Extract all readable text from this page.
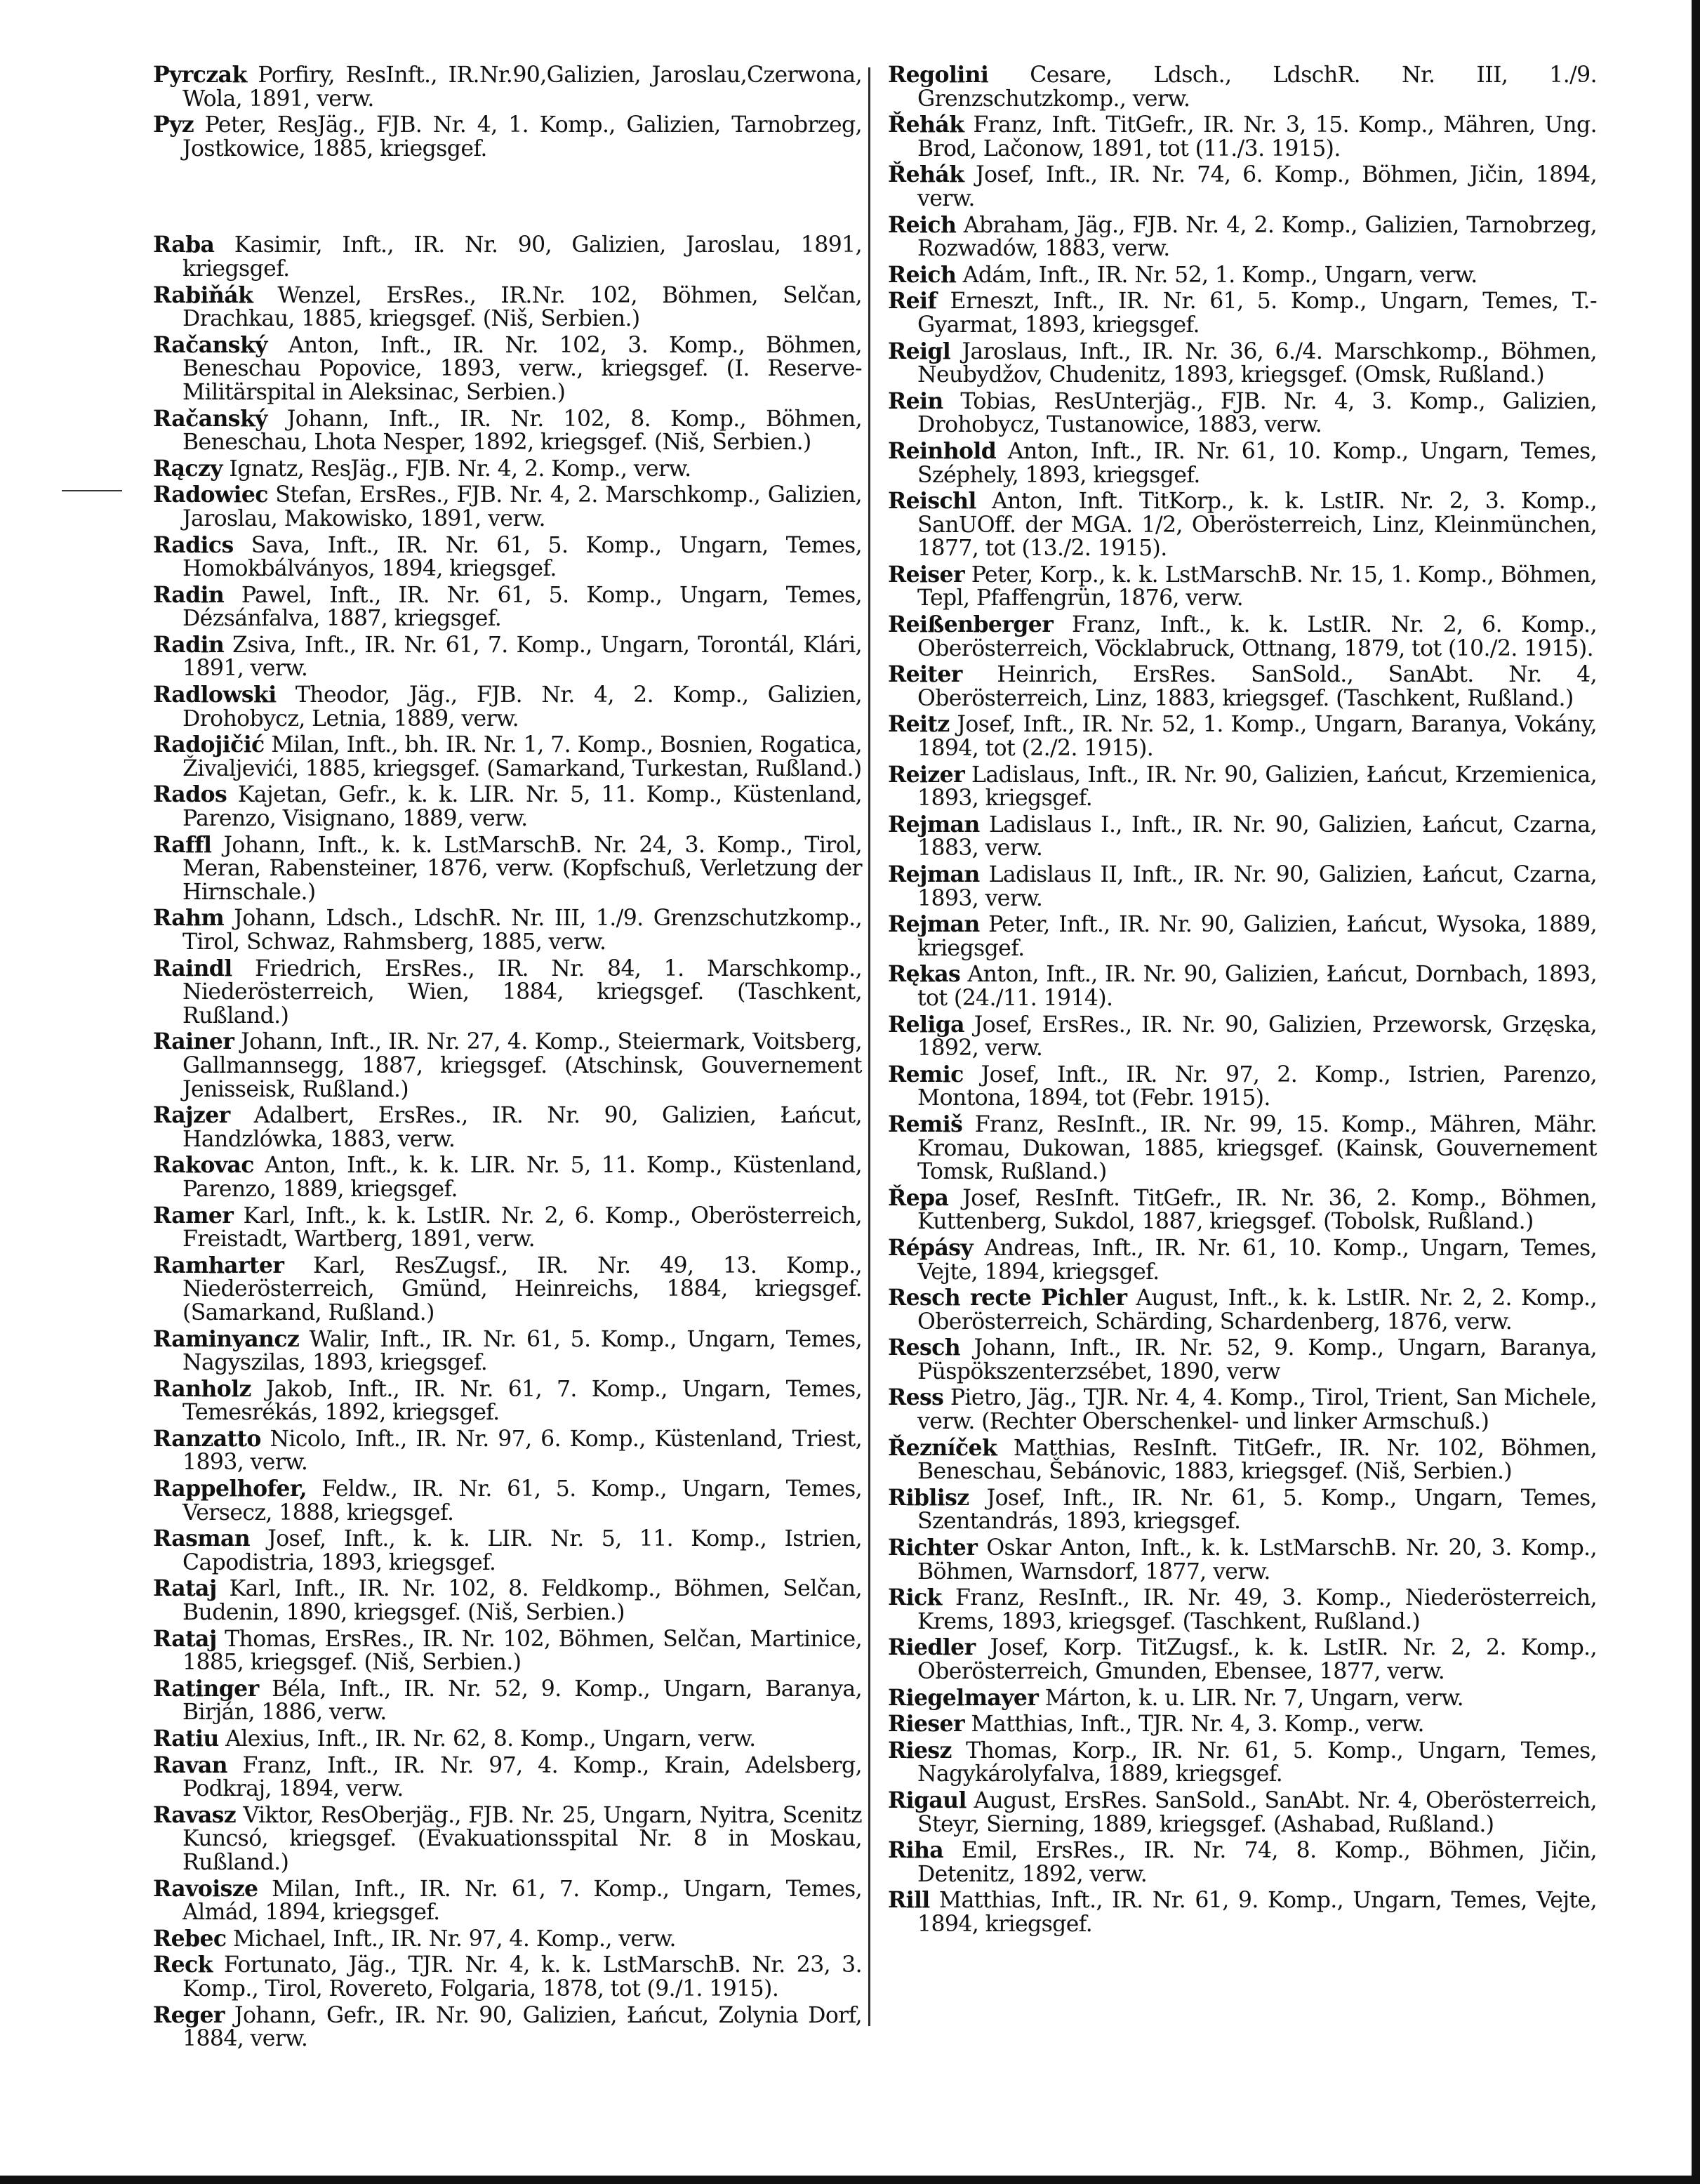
Pyrczak Porfiry, ResInft., IR.Nr.90,Galizien, Jaroslau,Czerwona, Wola, 1891, verw.

Pyz Peter, ResJäg., FJB. Nr. 4, 1. Komp., Galizien, Tarnobrzeg, Jostkowice, 1885, kriegsgef.

Raba Kasimir, Inft., IR. Nr. 90, Galizien, Jaroslau, 1891, kriegsgef.

Rabiňák Wenzel, ErsRes., IR.Nr. 102, Böhmen, Selčan, Drachkau, 1885, kriegsgef. (Niš, Serbien.)

Račanský Anton, Inft., IR. Nr. 102, 3. Komp., Böhmen, Beneschau Popovice, 1893, verw., kriegsgef. (I. Reserve-Militärspital in Aleksinac, Serbien.)

Račanský Johann, Inft., IR. Nr. 102, 8. Komp., Böhmen, Beneschau, Lhota Nesper, 1892, kriegsgef. (Niš, Serbien.)

Rączy Ignatz, ResJäg., FJB. Nr. 4, 2. Komp., verw.

Radowiec Stefan, ErsRes., FJB. Nr. 4, 2. Marschkomp., Galizien, Jaroslau, Makowisko, 1891, verw.

Radics Sava, Inft., IR. Nr. 61, 5. Komp., Ungarn, Temes, Homokbálványos, 1894, kriegsgef.

Radin Pawel, Inft., IR. Nr. 61, 5. Komp., Ungarn, Temes, Dézsánfalva, 1887, kriegsgef.

Radin Zsiva, Inft., IR. Nr. 61, 7. Komp., Ungarn, Torontál, Klári, 1891, verw.

Radlowski Theodor, Jäg., FJB. Nr. 4, 2. Komp., Galizien, Drohobycz, Letnia, 1889, verw.

Radojičić Milan, Inft., bh. IR. Nr. 1, 7. Komp., Bosnien, Rogatica, Živaljevići, 1885, kriegsgef. (Samarkand, Turkestan, Rußland.)

Rados Kajetan, Gefr., k. k. LIR. Nr. 5, 11. Komp., Küstenland, Parenzo, Visignano, 1889, verw.

Raffl Johann, Inft., k. k. LstMarschB. Nr. 24, 3. Komp., Tirol, Meran, Rabensteiner, 1876, verw. (Kopfschuß, Verletzung der Hirnschale.)

Rahm Johann, Ldsch., LdschR. Nr. III, 1./9. Grenzschutzkomp., Tirol, Schwaz, Rahmsberg, 1885, verw.

Raindl Friedrich, ErsRes., IR. Nr. 84, 1. Marschkomp., Niederösterreich, Wien, 1884, kriegsgef. (Taschkent, Rußland.)

Rainer Johann, Inft., IR. Nr. 27, 4. Komp., Steiermark, Voitsberg, Gallmannsegg, 1887, kriegsgef. (Atschinsk, Gouvernement Jenisseisk, Rußland.)

Rajzer Adalbert, ErsRes., IR. Nr. 90, Galizien, Łańcut, Handzlówka, 1883, verw.

Rakovac Anton, Inft., k. k. LIR. Nr. 5, 11. Komp., Küstenland, Parenzo, 1889, kriegsgef.

Ramer Karl, Inft., k. k. LstIR. Nr. 2, 6. Komp., Oberösterreich, Freistadt, Wartberg, 1891, verw.

Ramharter Karl, ResZugsf., IR. Nr. 49, 13. Komp., Niederösterreich, Gmünd, Heinreichs, 1884, kriegsgef. (Samarkand, Rußland.)

Raminyancz Walir, Inft., IR. Nr. 61, 5. Komp., Ungarn, Temes, Nagyszilas, 1893, kriegsgef.

Ranholz Jakob, Inft., IR. Nr. 61, 7. Komp., Ungarn, Temes, Temesrékás, 1892, kriegsgef.

Ranzatto Nicolo, Inft., IR. Nr. 97, 6. Komp., Küstenland, Triest, 1893, verw.

Rappelhofer, Feldw., IR. Nr. 61, 5. Komp., Ungarn, Temes, Versecz, 1888, kriegsgef.

Rasman Josef, Inft., k. k. LIR. Nr. 5, 11. Komp., Istrien, Capodistria, 1893, kriegsgef.

Rataj Karl, Inft., IR. Nr. 102, 8. Feldkomp., Böhmen, Selčan, Budenin, 1890, kriegsgef. (Niš, Serbien.)

Rataj Thomas, ErsRes., IR. Nr. 102, Böhmen, Selčan, Martinice, 1885, kriegsgef. (Niš, Serbien.)

Ratinger Béla, Inft., IR. Nr. 52, 9. Komp., Ungarn, Baranya, Birján, 1886, verw.

Ratiu Alexius, Inft., IR. Nr. 62, 8. Komp., Ungarn, verw.

Ravan Franz, Inft., IR. Nr. 97, 4. Komp., Krain, Adelsberg, Podkraj, 1894, verw.

Ravasz Viktor, ResOberjäg., FJB. Nr. 25, Ungarn, Nyitra, Scenitz Kuncsó, kriegsgef. (Evakuationsspital Nr. 8 in Moskau, Rußland.)

Ravoisze Milan, Inft., IR. Nr. 61, 7. Komp., Ungarn, Temes, Almád, 1894, kriegsgef.

Rebec Michael, Inft., IR. Nr. 97, 4. Komp., verw.

Reck Fortunato, Jäg., TJR. Nr. 4, k. k. LstMarschB. Nr. 23, 3. Komp., Tirol, Rovereto, Folgaria, 1878, tot (9./1. 1915).

Reger Johann, Gefr., IR. Nr. 90, Galizien, Łańcut, Zolynia Dorf, 1884, verw.

Regolini Cesare, Ldsch., LdschR. Nr. III, 1./9. Grenzschutzkomp., verw.

Řehák Franz, Inft. TitGefr., IR. Nr. 3, 15. Komp., Mähren, Ung. Brod, Lačonow, 1891, tot (11./3. 1915).

Řehák Josef, Inft., IR. Nr. 74, 6. Komp., Böhmen, Jičin, 1894, verw.

Reich Abraham, Jäg., FJB. Nr. 4, 2. Komp., Galizien, Tarnobrzeg, Rozwadów, 1883, verw.

Reich Adám, Inft., IR. Nr. 52, 1. Komp., Ungarn, verw.

Reif Erneszt, Inft., IR. Nr. 61, 5. Komp., Ungarn, Temes, T.-Gyarmat, 1893, kriegsgef.

Reigl Jaroslaus, Inft., IR. Nr. 36, 6./4. Marschkomp., Böhmen, Neubydžov, Chudenitz, 1893, kriegsgef. (Omsk, Rußland.)

Rein Tobias, ResUnterjäg., FJB. Nr. 4, 3. Komp., Galizien, Drohobycz, Tustanowice, 1883, verw.

Reinhold Anton, Inft., IR. Nr. 61, 10. Komp., Ungarn, Temes, Széphely, 1893, kriegsgef.

Reischl Anton, Inft. TitKorp., k. k. LstIR. Nr. 2, 3. Komp., SanUOff. der MGA. 1/2, Oberösterreich, Linz, Kleinmünchen, 1877, tot (13./2. 1915).

Reiser Peter, Korp., k. k. LstMarschB. Nr. 15, 1. Komp., Böhmen, Tepl, Pfaffengrün, 1876, verw.

Reißenberger Franz, Inft., k. k. LstIR. Nr. 2, 6. Komp., Oberösterreich, Vöcklabruck, Ottnang, 1879, tot (10./2. 1915).

Reiter Heinrich, ErsRes. SanSold., SanAbt. Nr. 4, Oberösterreich, Linz, 1883, kriegsgef. (Taschkent, Rußland.)

Reitz Josef, Inft., IR. Nr. 52, 1. Komp., Ungarn, Baranya, Vokány, 1894, tot (2./2. 1915).

Reizer Ladislaus, Inft., IR. Nr. 90, Galizien, Łańcut, Krzemienica, 1893, kriegsgef.

Rejman Ladislaus I., Inft., IR. Nr. 90, Galizien, Łańcut, Czarna, 1883, verw.

Rejman Ladislaus II, Inft., IR. Nr. 90, Galizien, Łańcut, Czarna, 1893, verw.

Rejman Peter, Inft., IR. Nr. 90, Galizien, Łańcut, Wysoka, 1889, kriegsgef.

Rękas Anton, Inft., IR. Nr. 90, Galizien, Łańcut, Dornbach, 1893, tot (24./11. 1914).

Religa Josef, ErsRes., IR. Nr. 90, Galizien, Przeworsk, Grzęska, 1892, verw.

Remic Josef, Inft., IR. Nr. 97, 2. Komp., Istrien, Parenzo, Montona, 1894, tot (Febr. 1915).

Remiš Franz, ResInft., IR. Nr. 99, 15. Komp., Mähren, Mähr. Kromau, Dukowan, 1885, kriegsgef. (Kainsk, Gouvernement Tomsk, Rußland.)

Řepa Josef, ResInft. TitGefr., IR. Nr. 36, 2. Komp., Böhmen, Kuttenberg, Sukdol, 1887, kriegsgef. (Tobolsk, Rußland.)

Répásy Andreas, Inft., IR. Nr. 61, 10. Komp., Ungarn, Temes, Vejte, 1894, kriegsgef.

Resch recte Pichler August, Inft., k. k. LstIR. Nr. 2, 2. Komp., Oberösterreich, Schärding, Schardenberg, 1876, verw.

Resch Johann, Inft., IR. Nr. 52, 9. Komp., Ungarn, Baranya, Püspökszenterzsébet, 1890, verw

Ress Pietro, Jäg., TJR. Nr. 4, 4. Komp., Tirol, Trient, San Michele, verw. (Rechter Oberschenkel- und linker Armschuß.)

Řezníček Matthias, ResInft. TitGefr., IR. Nr. 102, Böhmen, Beneschau, Šebánovic, 1883, kriegsgef. (Niš, Serbien.)

Riblisz Josef, Inft., IR. Nr. 61, 5. Komp., Ungarn, Temes, Szentandrás, 1893, kriegsgef.

Richter Oskar Anton, Inft., k. k. LstMarschB. Nr. 20, 3. Komp., Böhmen, Warnsdorf, 1877, verw.

Rick Franz, ResInft., IR. Nr. 49, 3. Komp., Niederösterreich, Krems, 1893, kriegsgef. (Taschkent, Rußland.)

Riedler Josef, Korp. TitZugsf., k. k. LstIR. Nr. 2, 2. Komp., Oberösterreich, Gmunden, Ebensee, 1877, verw.

Riegelmayer Márton, k. u. LIR. Nr. 7, Ungarn, verw.

Rieser Matthias, Inft., TJR. Nr. 4, 3. Komp., verw.

Riesz Thomas, Korp., IR. Nr. 61, 5. Komp., Ungarn, Temes, Nagykárolyfalva, 1889, kriegsgef.

Rigaul August, ErsRes. SanSold., SanAbt. Nr. 4, Oberösterreich, Steyr, Sierning, 1889, kriegsgef. (Ashabad, Rußland.)

Riha Emil, ErsRes., IR. Nr. 74, 8. Komp., Böhmen, Jičin, Detenitz, 1892, verw.

Rill Matthias, Inft., IR. Nr. 61, 9. Komp., Ungarn, Temes, Vejte, 1894, kriegsgef.
